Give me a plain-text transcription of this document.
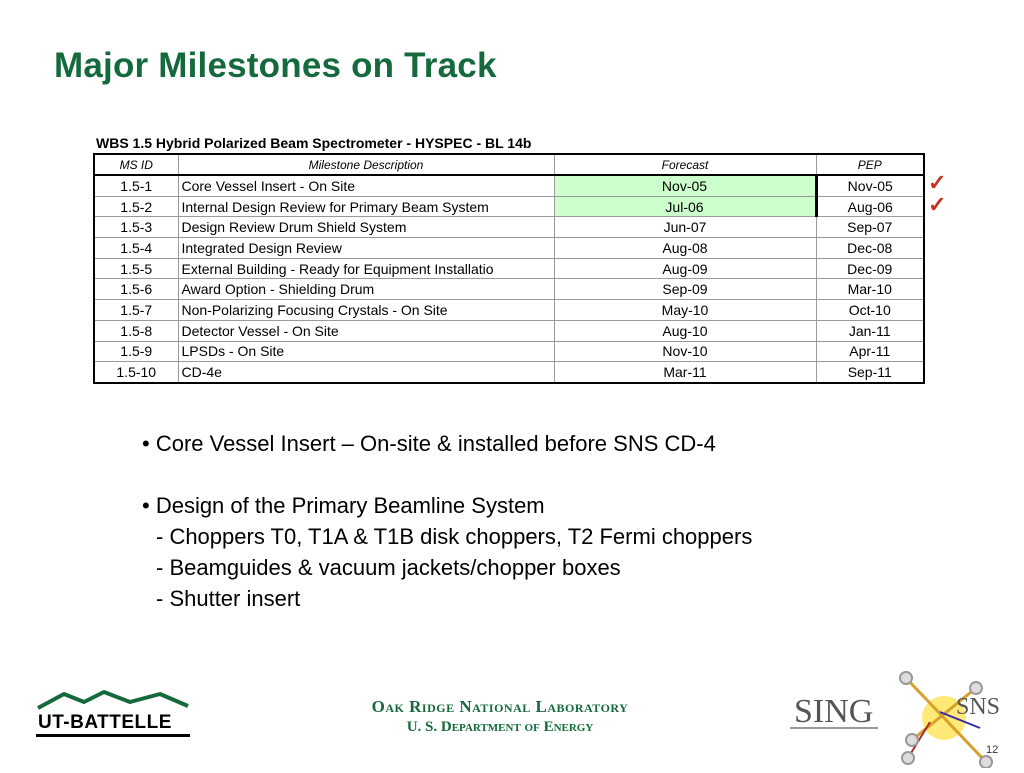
Major Milestones on Track
WBS 1.5 Hybrid Polarized Beam Spectrometer - HYSPEC - BL 14b
MS ID	Milestone Description	Forecast	PEP
1.5-1	Core Vessel Insert - On Site	Nov-05	Nov-05
1.5-2	Internal Design Review for Primary Beam System	Jul-06	Aug-06
1.5-3	Design Review Drum Shield System	Jun-07	Sep-07
1.5-4	Integrated Design Review	Aug-08	Dec-08
1.5-5	External Building - Ready for Equipment Installatio	Aug-09	Dec-09
1.5-6	Award Option - Shielding Drum	Sep-09	Mar-10
1.5-7	Non-Polarizing Focusing Crystals - On Site	May-10	Oct-10
1.5-8	Detector Vessel - On Site	Aug-10	Jan-11
1.5-9	LPSDs - On Site	Nov-10	Apr-11
1.5-10	CD-4e	Mar-11	Sep-11
✓
✓
• Core Vessel Insert – On-site & installed before SNS CD-4
• Design of the Primary Beamline System
- Choppers T0, T1A & T1B disk choppers, T2 Fermi choppers
- Beamguides & vacuum jackets/chopper boxes
- Shutter insert
UT-BATTELLE
Oak Ridge National Laboratory
U. S. Department of Energy	SING	SNS
12
